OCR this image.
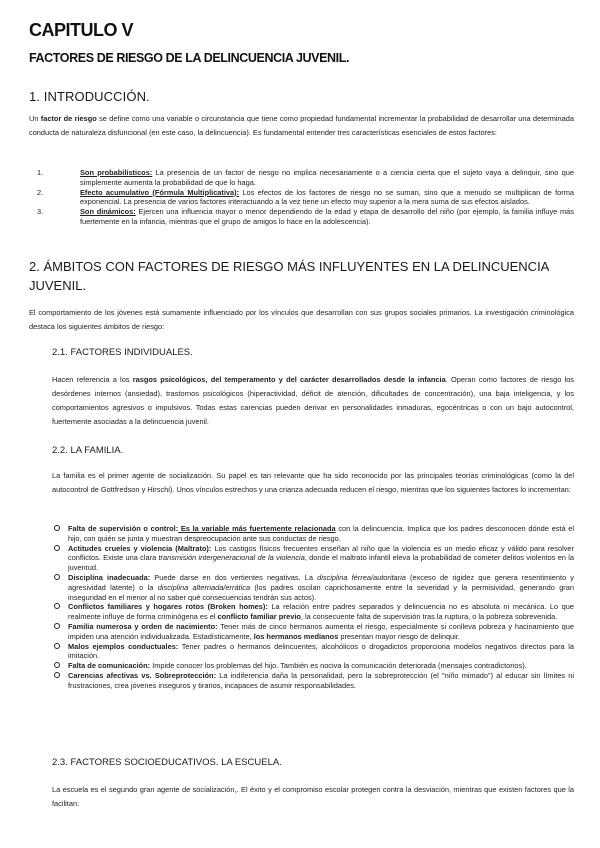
CAPITULO V
FACTORES DE RIESGO DE LA DELINCUENCIA JUVENIL.
1. INTRODUCCIÓN.
Un factor de riesgo se define como una variable o circunstancia que tiene como propiedad fundamental incrementar la probabilidad de desarrollar una determinada conducta de naturaleza disfuncional (en este caso, la delincuencia). Es fundamental entender tres características esenciales de estos factores:
1.	Son probabilísticos: La presencia de un factor de riesgo no implica necesariamente o a ciencia cierta que el sujeto vaya a delinquir, sino que simplemente aumenta la probabilidad de que lo haga.
2.	Efecto acumulativo (Fórmula Multiplicativa): Los efectos de los factores de riesgo no se suman, sino que a menudo se multiplican de forma exponencial. La presencia de varios factores interactuando a la vez tiene un efecto muy superior a la mera suma de sus efectos aislados.
3.	Son dinámicos: Ejercen una influencia mayor o menor dependiendo de la edad y etapa de desarrollo del niño (por ejemplo, la familia influye más fuertemente en la infancia, mientras que el grupo de amigos lo hace en la adolescencia).
2. ÁMBITOS CON FACTORES DE RIESGO MÁS INFLUYENTES EN LA DELINCUENCIA JUVENIL.
El comportamiento de los jóvenes está sumamente influenciado por los vínculos que desarrollan con sus grupos sociales primarios. La investigación criminológica destaca los siguientes ámbitos de riesgo:
2.1. FACTORES INDIVIDUALES.
Hacen referencia a los rasgos psicológicos, del temperamento y del carácter desarrollados desde la infancia. Operan como factores de riesgo los desórdenes internos (ansiedad), trastornos psicológicos (hiperactividad, déficit de atención, dificultades de concentración), una baja inteligencia, y los comportamientos agresivos o impulsivos. Todas estas carencias pueden derivar en personalidades inmaduras, egocéntricas o con un bajo autocontrol, fuertemente asociadas a la delincuencia juvenil.
2.2. LA FAMILIA.
La familia es el primer agente de socialización. Su papel es tan relevante que ha sido reconocido por las principales teorías criminológicas (como la del autocontrol de Gottfredson y Hirschi). Unos vínculos estrechos y una crianza adecuada reducen el riesgo, mientras que los siguientes factores lo incrementan:
Falta de supervisión o control: Es la variable más fuertemente relacionada con la delincuencia. Implica que los padres desconocen dónde está el hijo, con quién se junta y muestran despreocupación ante sus conductas de riesgo.
Actitudes crueles y violencia (Maltrato): Los castigos físicos frecuentes enseñan al niño que la violencia es un medio eficaz y válido para resolver conflictos. Existe una clara transmisión intergeneracional de la violencia, donde el maltrato infantil eleva la probabilidad de cometer delitos violentos en la juventud.
Disciplina inadecuada: Puede darse en dos vertientes negativas. La disciplina férrea/autoritaria (exceso de rigidez que genera resentimiento y agresividad latente) o la disciplina alternada/errática (los padres oscilan caprichosamente entre la severidad y la permisividad, generando gran inseguridad en el menor al no saber qué consecuencias tendrán sus actos).
Conflictos familiares y hogares rotos (Broken homes): La relación entre padres separados y delincuencia no es absoluta ni mecánica. Lo que realmente influye de forma criminógena es el conflicto familiar previo, la consecuente falta de supervisión tras la ruptura, o la pobreza sobrevenida.
Familia numerosa y orden de nacimiento: Tener más de cinco hermanos aumenta el riesgo, especialmente si conlleva pobreza y hacinamiento que impiden una atención individualizada. Estadísticamente, los hermanos medianos presentan mayor riesgo de delinquir.
Malos ejemplos conductuales: Tener padres o hermanos delincuentes, alcohólicos o drogadictos proporciona modelos negativos directos para la imitación.
Falta de comunicación: Impide conocer los problemas del hijo. También es nociva la comunicación deteriorada (mensajes contradictorios).
Carencias afectivas vs. Sobreprotección: La indiferencia daña la personalidad, pero la sobreprotección (el "niño mimado") al educar sin límites ni frustraciones, crea jóvenes inseguros y tiranos, incapaces de asumir responsabilidades.
2.3. FACTORES SOCIOEDUCATIVOS. LA ESCUELA.
La escuela es el segundo gran agente de socialización,. El éxito y el compromiso escolar protegen contra la desviación, mientras que existen factores que la facilitan:
